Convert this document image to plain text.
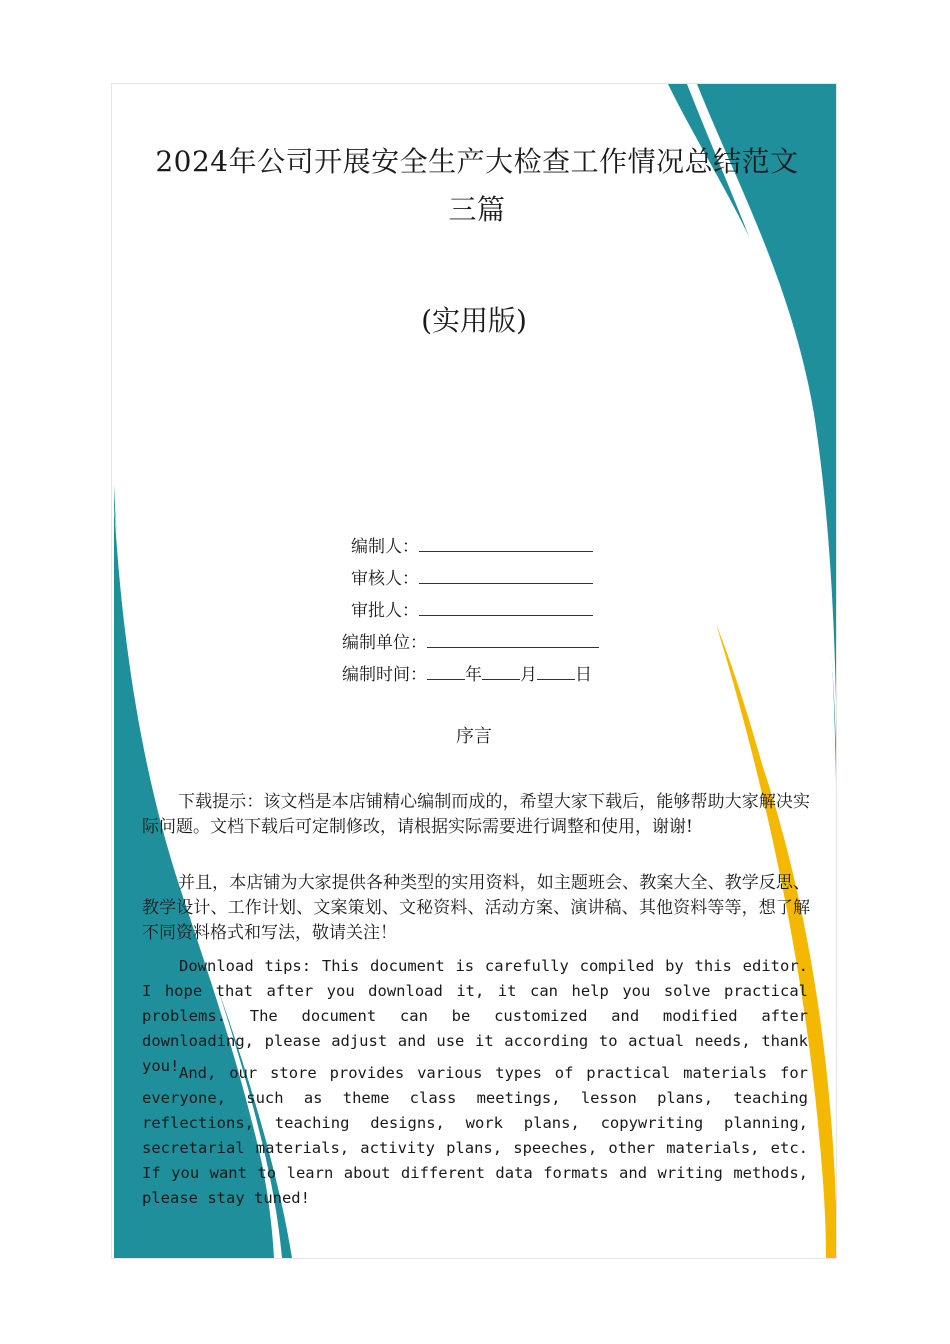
2024年公司开展安全生产大检查工作情况总结范文
三篇
(实用版)
编制人：
审核人：
审批人：
编制单位：
编制时间： 年 月 日
序言

下载提示：该文档是本店铺精心编制而成的，希望大家下载后，能够帮助大家解决实际问题。文档下载后可定制修改，请根据实际需要进行调整和使用，谢谢!

并且，本店铺为大家提供各种类型的实用资料，如主题班会、教案大全、教学反思、教学设计、工作计划、文案策划、文秘资料、活动方案、演讲稿、其他资料等等，想了解不同资料格式和写法，敬请关注！

Download tips: This document is carefully compiled by this editor. I hope that after you download it, it can help you solve practical problems. The document can be customized and modified after downloading, please adjust and use it according to actual needs, thank you! And, our store provides various types of practical materials for everyone, such as theme class meetings, lesson plans, teaching reflections, teaching designs, work plans, copywriting planning, secretarial materials, activity plans, speeches, other materials, etc. If you want to learn about different data formats and writing methods, please stay tuned!
